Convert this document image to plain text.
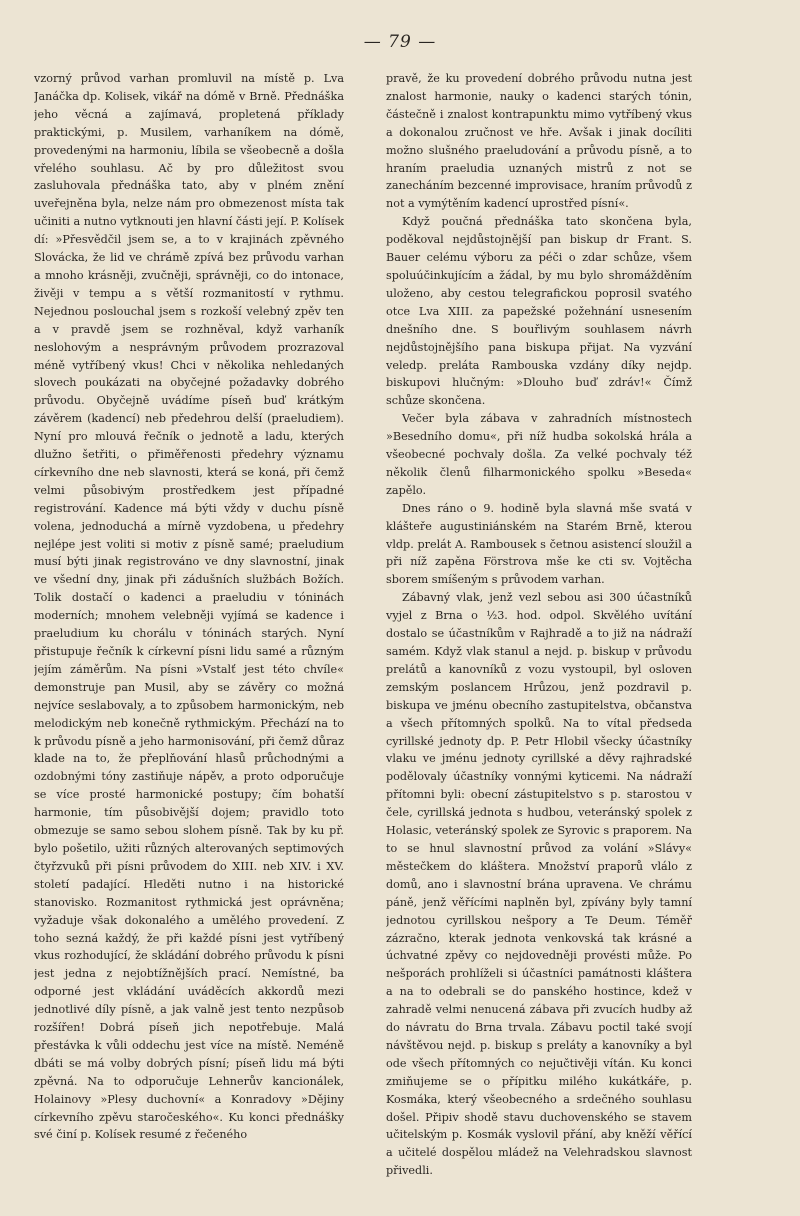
— 79 —

vzorný průvod varhan promluvil na místě p. Lva Janáčka dp. Kolisek, vikář na dómě v Brně. Přednáška jeho věcná a zajímavá, propletená příklady praktickými, p. Musilem, varhaníkem na dómě, provedenými na harmoniu, líbila se všeobecně a došla vřelého souhlasu. Ač by pro důležitost svou zasluhovala přednáška tato, aby v plném znění uveřejněna byla, nelze nám pro obmezenost místa tak učiniti a nutno vytknouti jen hlavní části její. P. Kolísek dí: »Přesvědčil jsem se, a to v krajinách zpěvného Slovácka, že lid ve chrámě zpívá bez průvodu varhan a mnoho krásněji, zvučněji, správněji, co do intonace, živěji v tempu a s větší rozmanitostí v rythmu. Nejednou poslouchal jsem s rozkoší velebný zpěv ten a v pravdě jsem se rozhněval, když varhaník neslohovým a nesprávným průvodem prozrazoval méně vytříbený vkus! Chci v několika nehledaných slovech poukázati na obyčejné požadavky dobrého průvodu. Obyčejně uvádíme píseň buď krátkým závěrem (kadencí) neb předehrou delší (praeludiem). Nyní pro mlouvá řečník o jednotě a ladu, kterých dlužno šetřiti, o přiměřenosti předehry významu církevního dne neb slavnosti, která se koná, při čemž velmi působivým prostředkem jest případné registrování. Kadence má býti vždy v duchu písně volena, jednoduchá a mírně vyzdobena, u předehry nejlépe jest voliti si motiv z písně samé; praeludium musí býti jinak registrováno ve dny slavnostní, jinak ve všední dny, jinak při zádušních službách Božích. Tolik dostačí o kadenci a praeludiu v tóninách moderních; mnohem velebněji vyjímá se kadence i praeludium ku chorálu v tóninách starých. Nyní přistupuje řečník k církevní písni lidu samé a různým jejím záměrům. Na písni »Vstalť jest této chvíle« demonstruje pan Musil, aby se závěry co možná nejvíce seslabovaly, a to způsobem harmonickým, neb melodickým neb konečně rythmickým. Přechází na to k průvodu písně a jeho harmonisování, při čemž důraz klade na to, že přeplňování hlasů průchodnými a ozdobnými tóny zastiňuje nápěv, a proto odporučuje se více prosté harmonické postupy; čím bohatší harmonie, tím působivější dojem; pravidlo toto obmezuje se samo sebou slohem písně. Tak by ku př. bylo pošetilo, užiti různých alterovaných septimových čtyřzvuků při písni průvodem do XIII. neb XIV. i XV. století padající. Hleděti nutno i na historické stanovisko. Rozmanitost rythmická jest oprávněna; vyžaduje však dokonalého a umělého provedení. Z toho sezná každý, že při každé písni jest vytříbený vkus rozhodující, že skládání dobrého průvodu k písni jest jedna z nejobtížnějších prací. Nemístné, ba odporné jest vkládání uváděcích akkordů mezi jednotlivé díly písně, a jak valně jest tento nezpůsob rozšířen! Dobrá píseň jich nepotřebuje. Malá přestávka k vůli oddechu jest více na místě. Neméně dbáti se má volby dobrých písní; píseň lidu má býti zpěvná. Na to odporučuje Lehnerův kancionálek, Holainovy »Plesy duchovní« a Konradovy »Dějiny církevního zpěvu staročeského«. Ku konci přednášky své činí p. Kolísek resumé z řečeného

pravě, že ku provedení dobrého průvodu nutna jest znalost harmonie, nauky o kadenci starých tónin, částečně i znalost kontrapunktu mimo vytříbený vkus a dokonalou zručnost ve hře. Avšak i jinak docíliti možno slušného praeludování a průvodu písně, a to hraním praeludia uznaných mistrů z not se zanecháním bezcenné improvisace, hraním průvodů z not a vymýtěním kadencí uprostřed písní«.

Když poučná přednáška tato skončena byla, poděkoval nejdůstojnější pan biskup dr Frant. S. Bauer celému výboru za péči o zdar schůze, všem spoluúčinkujícím a žádal, by mu bylo shromážděním uloženo, aby cestou telegrafickou poprosil svatého otce Lva XIII. za papežské požehnání usnesením dnešního dne. S bouřlivým souhlasem návrh nejdůstojnějšího pana biskupa přijat. Na vyzvání veledp. preláta Rambouska vzdány díky nejdp. biskupovi hlučným: »Dlouho buď zdráv!« Čímž schůze skončena.

Večer byla zábava v zahradních místnostech »Besedního domu«, při níž hudba sokolská hrála a všeobecné pochvaly došla. Za velké pochvaly též několik členů filharmonického spolku »Beseda« zapělo.

Dnes ráno o 9. hodině byla slavná mše svatá v klášteře augustiniánském na Starém Brně, kterou vldp. prelát A. Rambousek s četnou asistencí sloužil a při níž zapěna Förstrova mše ke cti sv. Vojtěcha sborem smíšeným s průvodem varhan.

Zábavný vlak, jenž vezl sebou asi 300 účastníků vyjel z Brna o ½3. hod. odpol. Skvělého uvítání dostalo se účastníkům v Rajhradě a to již na nádraží samém. Když vlak stanul a nejd. p. biskup v průvodu prelátů a kanovníků z vozu vystoupil, byl osloven zemským poslancem Hrůzou, jenž pozdravil p. biskupa ve jménu obecního zastupitelstva, občanstva a všech přítomných spolků. Na to vítal předseda cyrillské jednoty dp. P. Petr Hlobil všecky účastníky vlaku ve jménu jednoty cyrillské a děvy rajhradské podělovaly účastníky vonnými kyticemi. Na nádraží přítomni byli: obecní zástupitelstvo s p. starostou v čele, cyrillská jednota s hudbou, veteránský spolek z Holasic, veteránský spolek ze Syrovic s praporem. Na to se hnul slavnostní průvod za volání »Slávy« městečkem do kláštera. Množství praporů vlálo z domů, ano i slavnostní brána upravena. Ve chrámu páně, jenž věřícími naplněn byl, zpívány byly tamní jednotou cyrillskou nešpory a Te Deum. Téměř zázračno, kterak jednota venkovská tak krásné a úchvatné zpěvy co nejdovedněji provésti může. Po nešporách prohlíželi si účastníci památnosti kláštera a na to odebrali se do panského hostince, kdež v zahradě velmi nenucená zábava při zvucích hudby až do návratu do Brna trvala. Zábavu poctil také svojí návštěvou nejd. p. biskup s preláty a kanovníky a byl ode všech přítomných co nejučtivěji vítán. Ku konci zmiňujeme se o přípitku milého kukátkáře, p. Kosmáka, který všeobecného a srdečného souhlasu došel. Připiv shodě stavu duchovenského se stavem učitelským p. Kosmák vyslovil přání, aby kněží věřící a učitelé dospělou mládež na Velehradskou slavnost přivedli.
